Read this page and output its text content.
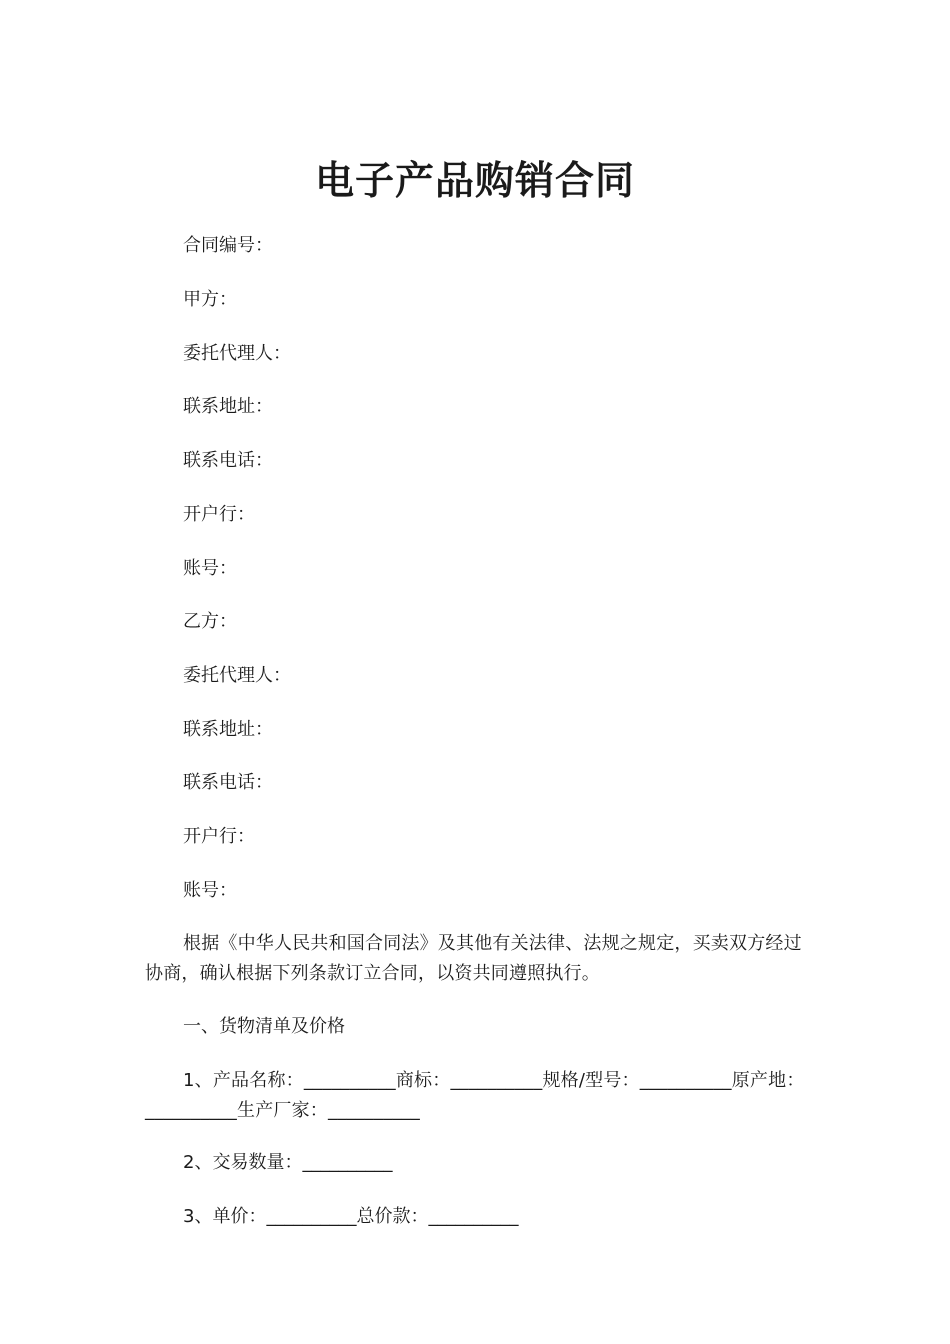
电子产品购销合同
合同编号：
甲方：
委托代理人：
联系地址：
联系电话：
开户行：
账号：
乙方：
委托代理人：
联系地址：
联系电话：
开户行：
账号：
根据《中华人民共和国合同法》及其他有关法律、法规之规定，买卖双方经过协商，确认根据下列条款订立合同，以资共同遵照执行。
一、货物清单及价格
1、产品名称：__________商标：__________规格/型号：__________原产地：__________生产厂家：__________
2、交易数量：__________
3、单价：__________总价款：__________
